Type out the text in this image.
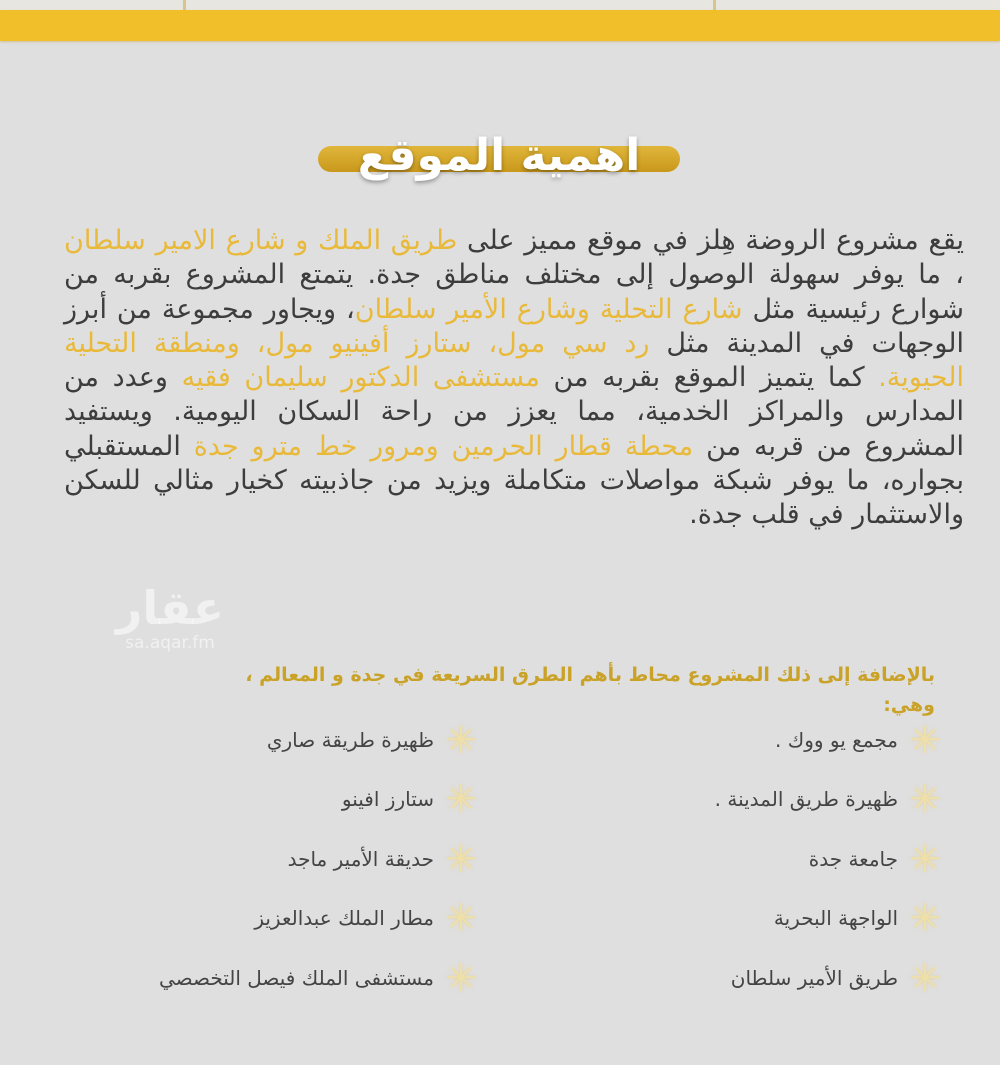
اهمية الموقع
يقع مشروع الروضة هِلز في موقع مميز على طريق الملك و شارع الامير سلطان ، ما يوفر سهولة الوصول إلى مختلف مناطق جدة. يتمتع المشروع بقربه من شوارع رئيسية مثل شارع التحلية وشارع الأمير سلطان، ويجاور مجموعة من أبرز الوجهات في المدينة مثل رد سي مول، ستارز أفينيو مول، ومنطقة التحلية الحيوية. كما يتميز الموقع بقربه من مستشفى الدكتور سليمان فقيه وعدد من المدارس والمراكز الخدمية، مما يعزز من راحة السكان اليومية. ويستفيد المشروع من قربه من محطة قطار الحرمين ومرور خط مترو جدة المستقبلي بجواره، ما يوفر شبكة مواصلات متكاملة ويزيد من جاذبيته كخيار مثالي للسكن والاستثمار في قلب جدة.
عقار
sa.aqar.fm
بالإضافة إلى ذلك المشروع محاط بأهم الطرق السريعة في جدة و المعالم ، وهي:
✳
مجمع يو ووك .
✳
ظهيرة طريق المدينة .
✳
جامعة جدة
✳
الواجهة البحرية
✳
طريق الأمير سلطان
✳
ظهيرة طريقة صاري
✳
ستارز افينو
✳
حديقة الأمير ماجد
✳
مطار الملك عبدالعزيز
✳
مستشفى الملك فيصل التخصصي
